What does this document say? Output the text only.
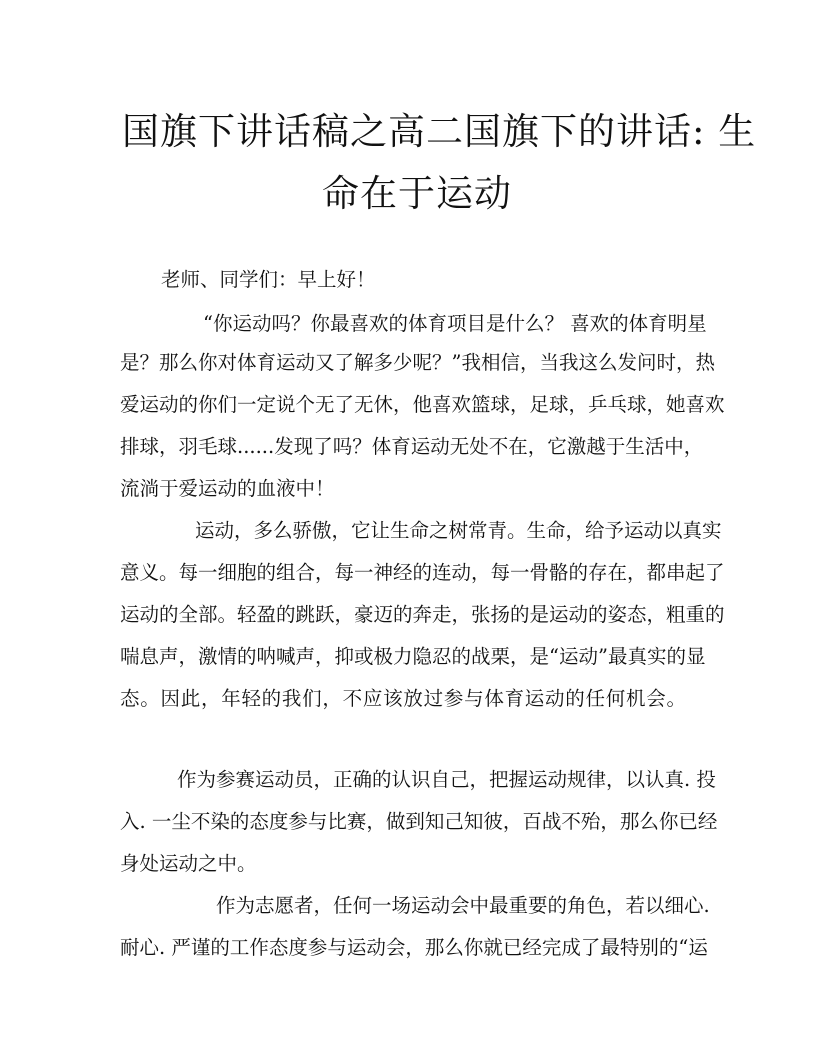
国旗下讲话稿之高二国旗下的讲话: 生
命在于运动
老师、同学们：早上好！
“你运动吗？你最喜欢的体育项目是什么？ 喜欢的体育明星
是？那么你对体育运动又了解多少呢？”我相信，当我这么发问时，热
爱运动的你们一定说个无了无休，他喜欢篮球，足球，乒乓球，她喜欢
排球，羽毛球......发现了吗？体育运动无处不在，它激越于生活中，
流淌于爱运动的血液中！
运动，多么骄傲，它让生命之树常青。生命，给予运动以真实
意义。每一细胞的组合，每一神经的连动，每一骨骼的存在，都串起了
运动的全部。轻盈的跳跃，豪迈的奔走，张扬的是运动的姿态，粗重的
喘息声，激情的呐喊声，抑或极力隐忍的战栗，是“运动”最真实的显
态。因此，年轻的我们，不应该放过参与体育运动的任何机会。
作为参赛运动员，正确的认识自己，把握运动规律，以认真. 投
入. 一尘不染的态度参与比赛，做到知己知彼，百战不殆，那么你已经
身处运动之中。
作为志愿者，任何一场运动会中最重要的角色，若以细心.
耐心. 严谨的工作态度参与运动会，那么你就已经完成了最特别的“运
